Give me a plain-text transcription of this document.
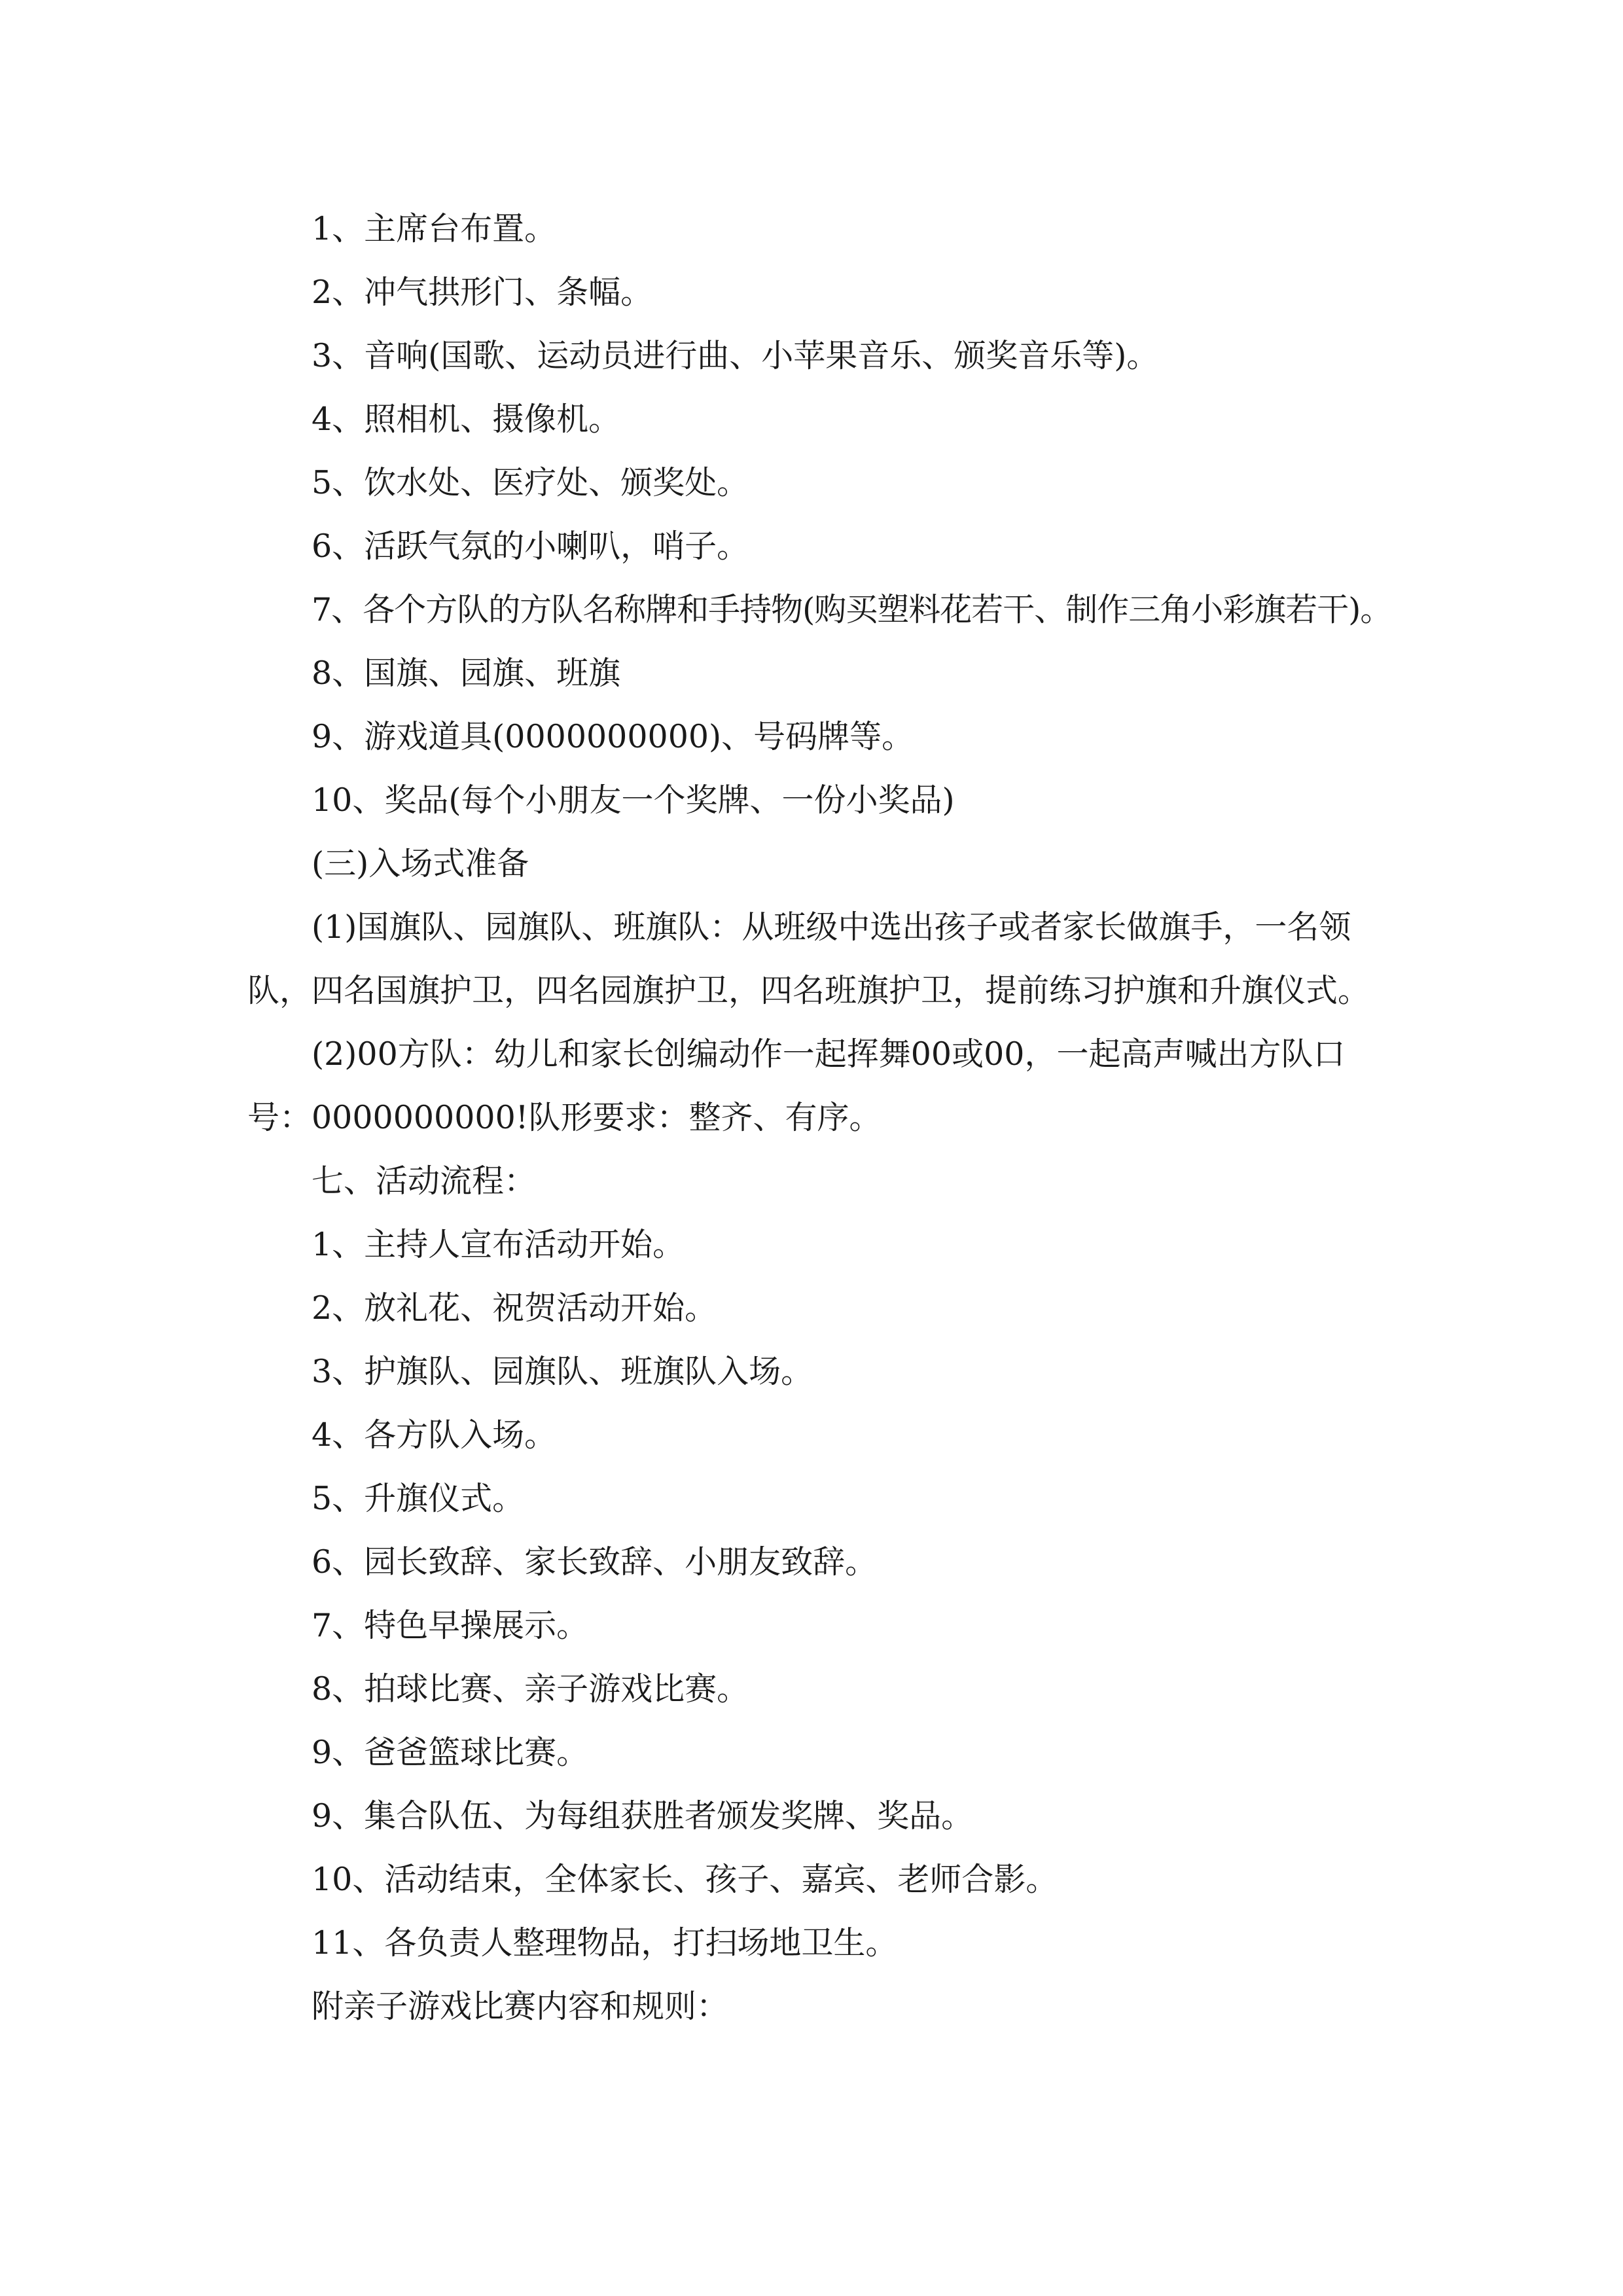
1、主席台布置。

2、冲气拱形门、条幅。

3、音响(国歌、运动员进行曲、小苹果音乐、颁奖音乐等)。

4、照相机、摄像机。

5、饮水处、医疗处、颁奖处。

6、活跃气氛的小喇叭，哨子。

7、各个方队的方队名称牌和手持物(购买塑料花若干、制作三角小彩旗若干)。

8、国旗、园旗、班旗

9、游戏道具(0000000000)、号码牌等。

10、奖品(每个小朋友一个奖牌、一份小奖品)

(三)入场式准备

(1)国旗队、园旗队、班旗队：从班级中选出孩子或者家长做旗手，一名领

队，四名国旗护卫，四名园旗护卫，四名班旗护卫，提前练习护旗和升旗仪式。

(2)00方队：幼儿和家长创编动作一起挥舞00或00，一起高声喊出方队口

号：0000000000!队形要求：整齐、有序。

七、活动流程：

1、主持人宣布活动开始。

2、放礼花、祝贺活动开始。

3、护旗队、园旗队、班旗队入场。

4、各方队入场。

5、升旗仪式。

6、园长致辞、家长致辞、小朋友致辞。

7、特色早操展示。

8、拍球比赛、亲子游戏比赛。

9、爸爸篮球比赛。

9、集合队伍、为每组获胜者颁发奖牌、奖品。

10、活动结束，全体家长、孩子、嘉宾、老师合影。

11、各负责人整理物品，打扫场地卫生。

附亲子游戏比赛内容和规则：
